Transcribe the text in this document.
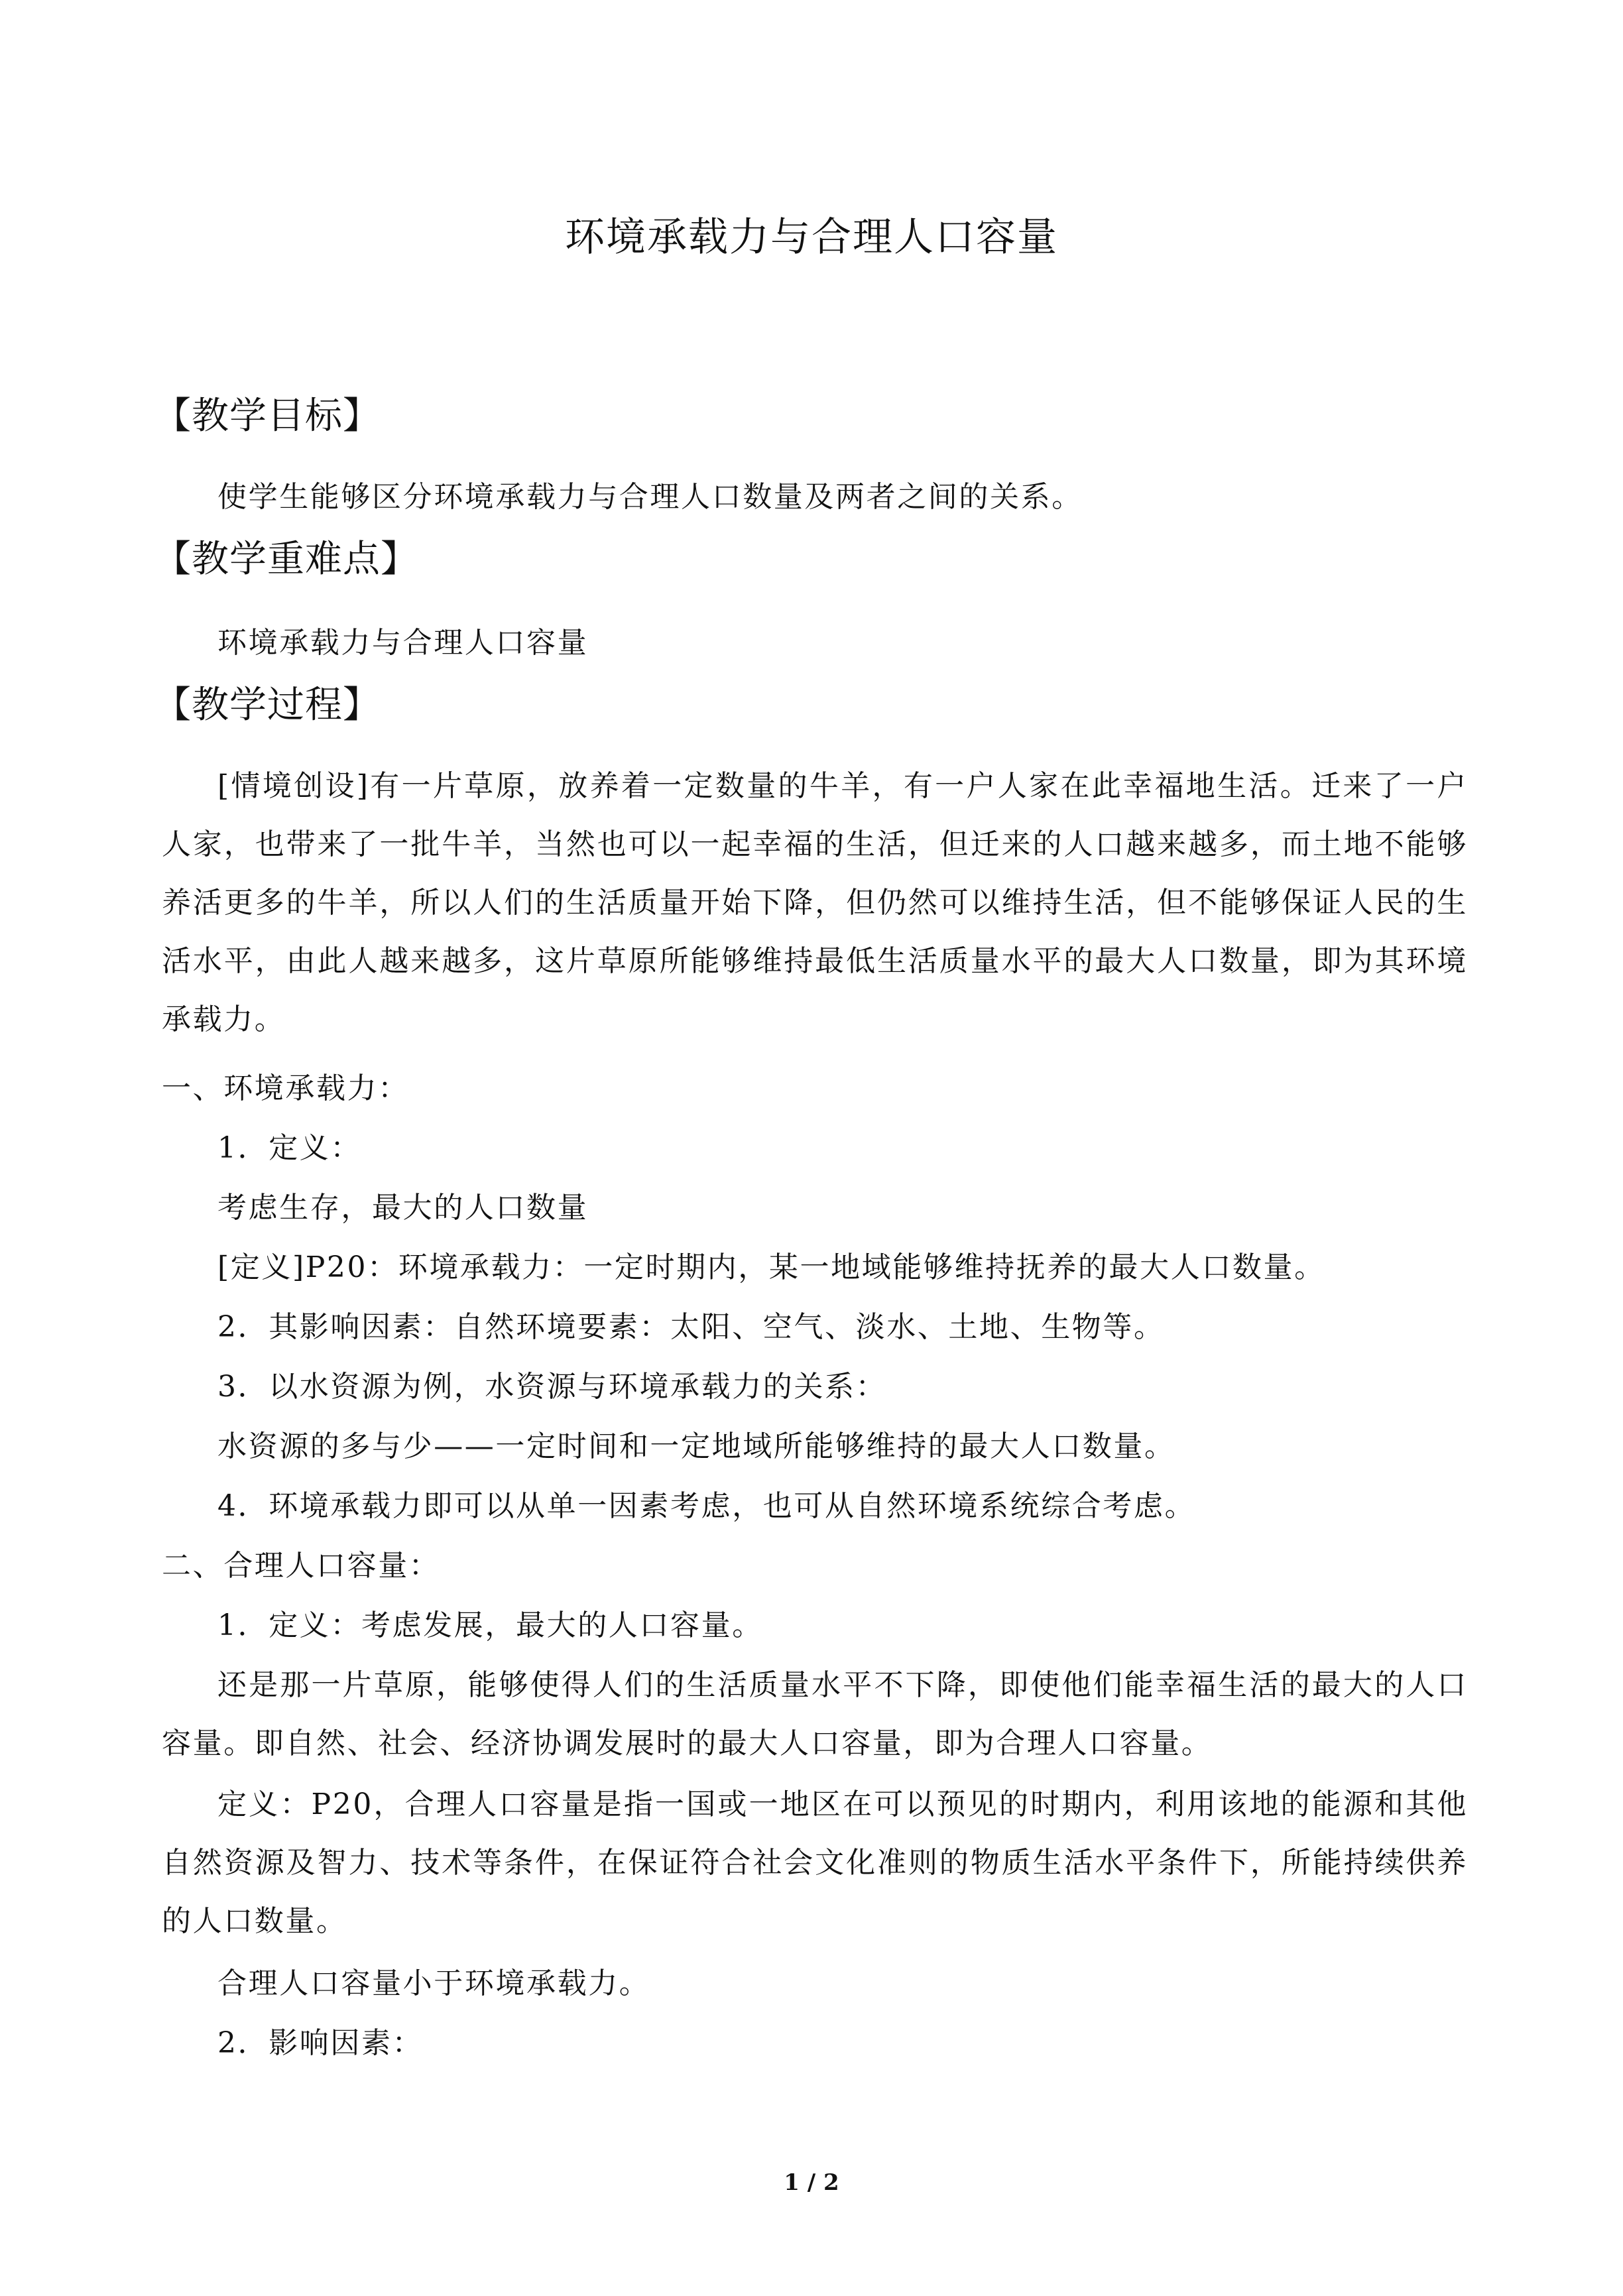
环境承载力与合理人口容量
【教学目标】
使学生能够区分环境承载力与合理人口数量及两者之间的关系。
【教学重难点】
环境承载力与合理人口容量
【教学过程】
[情境创设]有一片草原，放养着一定数量的牛羊，有一户人家在此幸福地生活。迁来了一户人家，也带来了一批牛羊，当然也可以一起幸福的生活，但迁来的人口越来越多，而土地不能够养活更多的牛羊，所以人们的生活质量开始下降，但仍然可以维持生活，但不能够保证人民的生活水平，由此人越来越多，这片草原所能够维持最低生活质量水平的最大人口数量，即为其环境承载力。
一、环境承载力：
1．定义：
考虑生存，最大的人口数量
[定义]P20：环境承载力：一定时期内，某一地域能够维持抚养的最大人口数量。
2．其影响因素：自然环境要素：太阳、空气、淡水、土地、生物等。
3．以水资源为例，水资源与环境承载力的关系：
水资源的多与少——一定时间和一定地域所能够维持的最大人口数量。
4．环境承载力即可以从单一因素考虑，也可从自然环境系统综合考虑。
二、合理人口容量：
1．定义：考虑发展，最大的人口容量。
还是那一片草原，能够使得人们的生活质量水平不下降，即使他们能幸福生活的最大的人口容量。即自然、社会、经济协调发展时的最大人口容量，即为合理人口容量。
定义：P20，合理人口容量是指一国或一地区在可以预见的时期内，利用该地的能源和其他自然资源及智力、技术等条件，在保证符合社会文化准则的物质生活水平条件下，所能持续供养的人口数量。
合理人口容量小于环境承载力。
2．影响因素：
1 / 2
